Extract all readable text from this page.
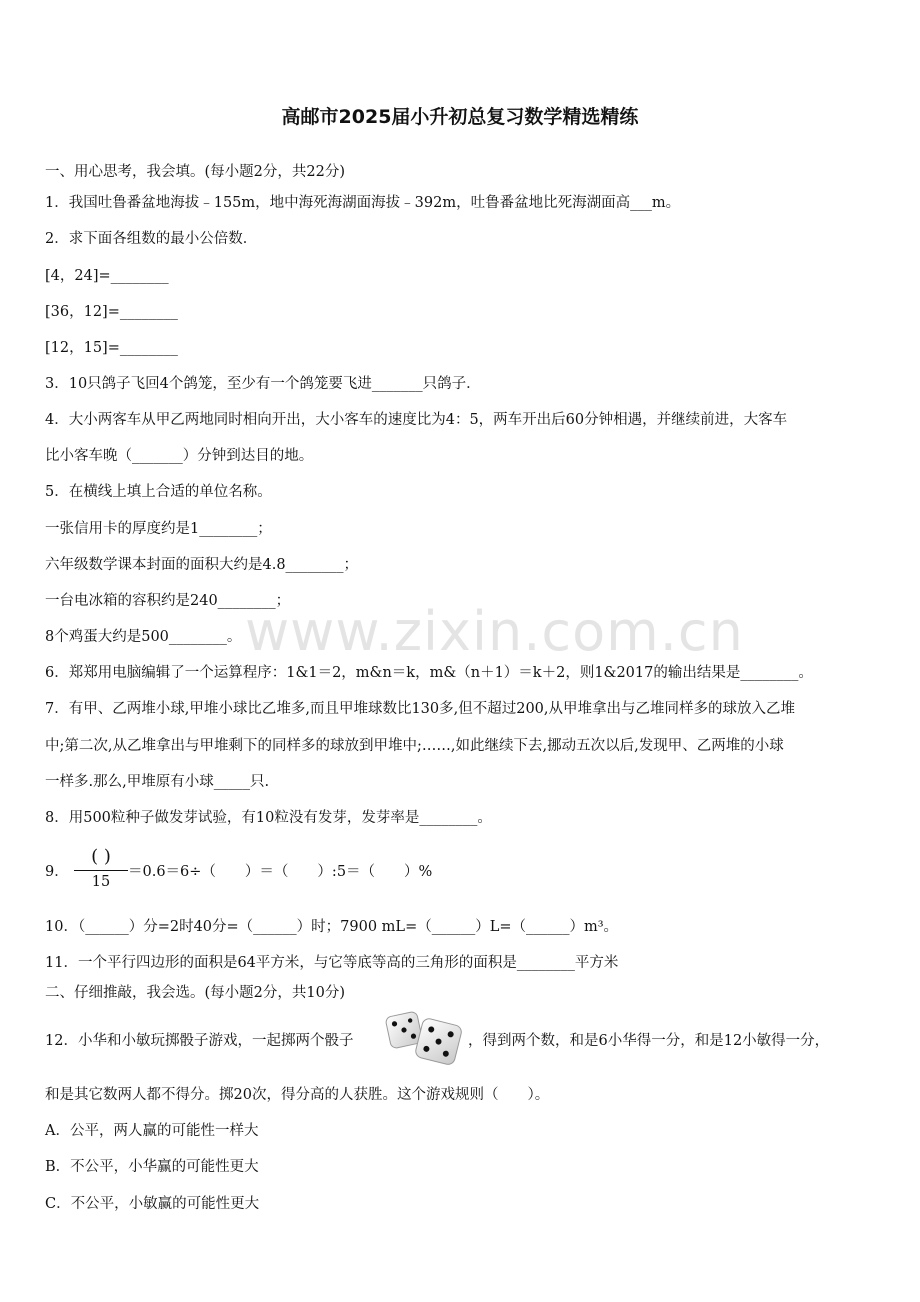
高邮市2025届小升初总复习数学精选精练
www.zixin.com.cn
一、用心思考，我会填。(每小题2分，共22分)
1．我国吐鲁番盆地海拔﹣155m，地中海死海湖面海拔﹣392m，吐鲁番盆地比死海湖面高___m。
2．求下面各组数的最小公倍数．
[4，24]=________
[36，12]=________
[12，15]=________
3．10只鸽子飞回4个鸽笼，至少有一个鸽笼要飞进_______只鸽子．
4．大小两客车从甲乙两地同时相向开出，大小客车的速度比为4：5，两车开出后60分钟相遇，并继续前进，大客车
比小客车晚（_______）分钟到达目的地。
5．在横线上填上合适的单位名称。
一张信用卡的厚度约是1________；
六年级数学课本封面的面积大约是4.8________；
一台电冰箱的容积约是240________；
8个鸡蛋大约是500________。
6．郑郑用电脑编辑了一个运算程序：1&1＝2，m&n＝k，m&（n＋1）＝k＋2，则1&2017的输出结果是________。
7．有甲、乙两堆小球,甲堆小球比乙堆多,而且甲堆球数比130多,但不超过200,从甲堆拿出与乙堆同样多的球放入乙堆
中;第二次,从乙堆拿出与甲堆剩下的同样多的球放到甲堆中;……,如此继续下去,挪动五次以后,发现甲、乙两堆的小球
一样多.那么,甲堆原有小球_____只.
8．用500粒种子做发芽试验，有10粒没有发芽，发芽率是________。
9．
( )
15
＝0.6＝6÷（　　）＝（　　）:5＝（　　）%
10．（______）分=2时40分=（______）时；7900 mL=（______）L=（______）m³。
11．一个平行四边形的面积是64平方米，与它等底等高的三角形的面积是________平方米
二、仔细推敲，我会选。(每小题2分，共10分)
12．小华和小敏玩掷骰子游戏，一起掷两个骰子	，得到两个数，和是6小华得一分，和是12小敏得一分，
和是其它数两人都不得分。掷20次，得分高的人获胜。这个游戏规则（　　）。
A．公平，两人赢的可能性一样大
B．不公平，小华赢的可能性更大
C．不公平，小敏赢的可能性更大
